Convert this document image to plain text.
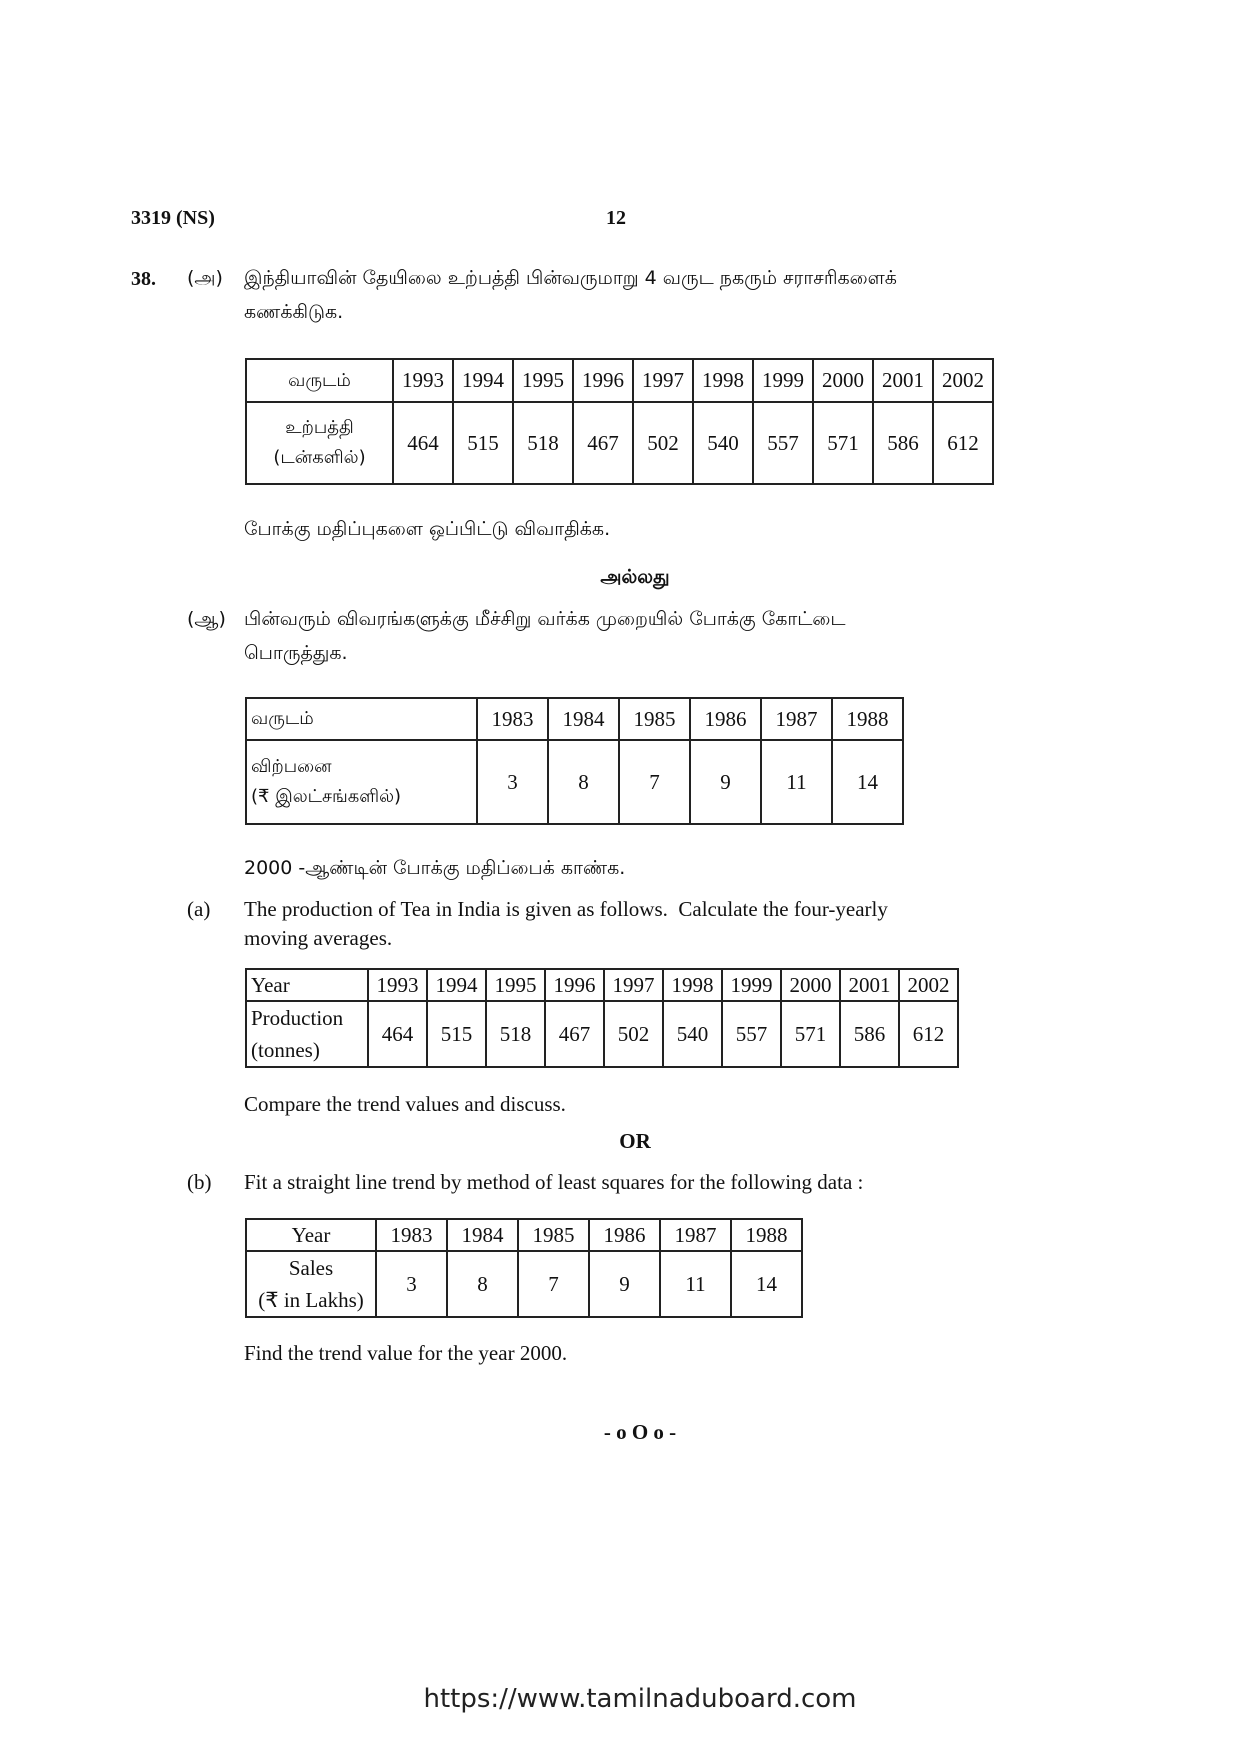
3319 (NS)	12
38. (அ) இந்தியாவின் தேயிலை உற்பத்தி பின்வருமாறு 4 வருட நகரும் சராசரிகளைக்
கணக்கிடுக.
வருடம்	1993	1994	1995	1996	1997	1998	1999	2000	2001	2002

உற்பத்தி
(டன்களில்)	464	515	518	467	502	540	557	571	586	612
போக்கு மதிப்புகளை ஒப்பிட்டு விவாதிக்க.
அல்லது
(ஆ) பின்வரும் விவரங்களுக்கு மீச்சிறு வர்க்க முறையில் போக்கு கோட்டை
பொருத்துக.
வருடம்	1983	1984	1985	1986	1987	1988

விற்பனை
(₹ இலட்சங்களில்)	3	8	7	9	11	14
2000 -ஆண்டின் போக்கு மதிப்பைக் காண்க.
(a) The production of Tea in India is given as follows.  Calculate the four-yearly
moving averages.
Year	1993	1994	1995	1996	1997	1998	1999	2000	2001	2002

Production
(tonnes)	464	515	518	467	502	540	557	571	586	612
Compare the trend values and discuss.
OR
(b) Fit a straight line trend by method of least squares for the following data :
Year	1983	1984	1985	1986	1987	1988

Sales
(₹ in Lakhs)	3	8	7	9	11	14
Find the trend value for the year 2000.
- o O o -
https://www.tamilnaduboard.com
